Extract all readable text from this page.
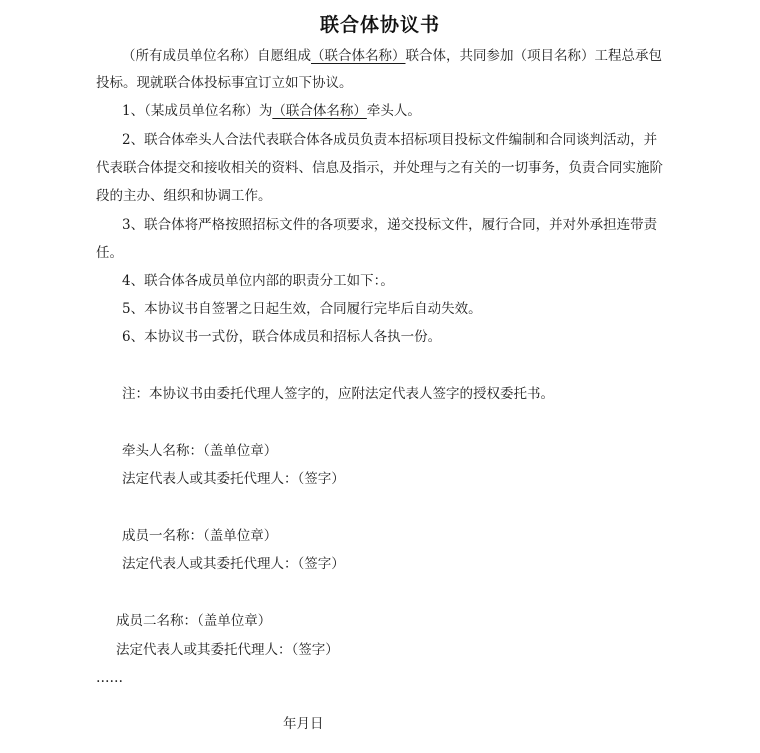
联合体协议书
（所有成员单位名称）自愿组成（联合体名称）联合体，共同参加（项目名称）工程总承包
投标。现就联合体投标事宜订立如下协议。
1、（某成员单位名称）为（联合体名称）牵头人。
2、联合体牵头人合法代表联合体各成员负责本招标项目投标文件编制和合同谈判活动，并
代表联合体提交和接收相关的资料、信息及指示，并处理与之有关的一切事务，负责合同实施阶
段的主办、组织和协调工作。
3、联合体将严格按照招标文件的各项要求，递交投标文件，履行合同，并对外承担连带责
任。
4、联合体各成员单位内部的职责分工如下：。
5、本协议书自签署之日起生效，合同履行完毕后自动失效。
6、本协议书一式份，联合体成员和招标人各执一份。
注：本协议书由委托代理人签字的，应附法定代表人签字的授权委托书。
牵头人名称：（盖单位章）
法定代表人或其委托代理人：（签字）
成员一名称：（盖单位章）
法定代表人或其委托代理人：（签字）
成员二名称：（盖单位章）
法定代表人或其委托代理人：（签字）
……
年月日
